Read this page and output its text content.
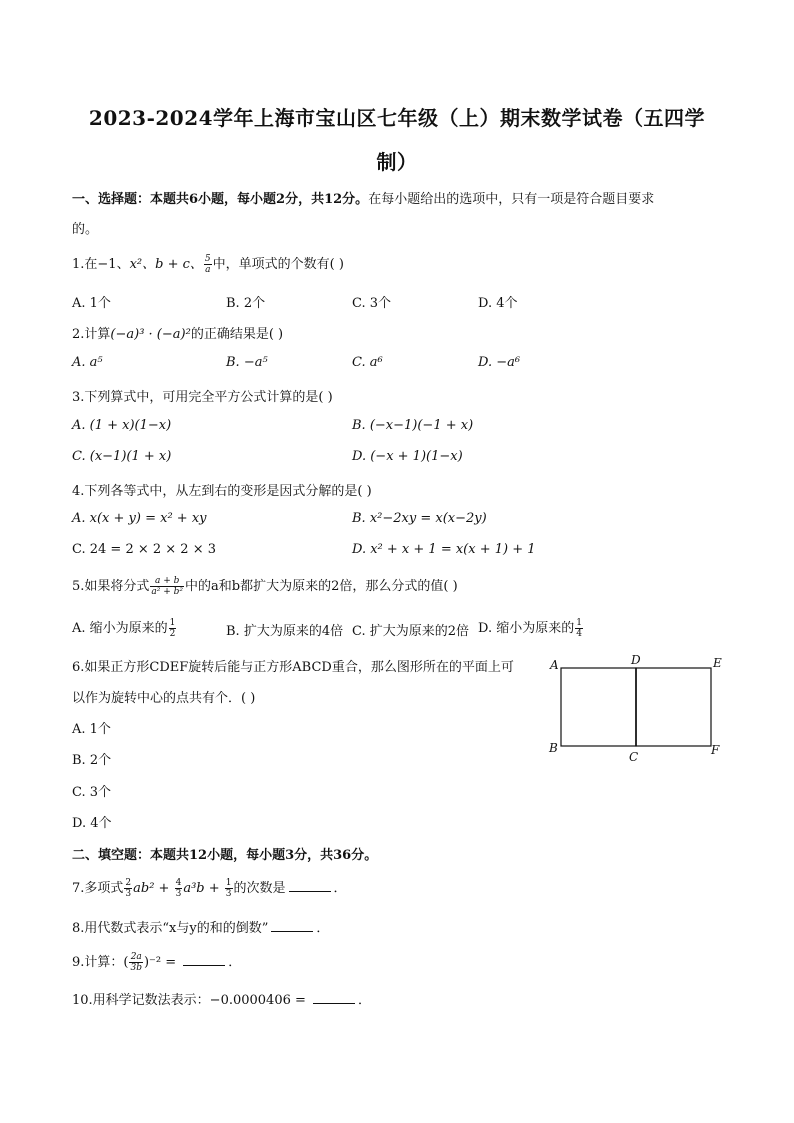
2023-2024学年上海市宝山区七年级（上）期末数学试卷（五四学
制）
一、选择题：本题共6小题，每小题2分，共12分。在每小题给出的选项中，只有一项是符合题目要求
的。
1.在−1、x²、b + c、 $\frac{5}{a}$ 中，单项式的个数有( )
A. 1个	B. 2个	C. 3个	D. 4个
2.计算(−a)³ · (−a)²的正确结果是( )
A. a⁵	B. −a⁵	C. a⁶	D. −a⁶
3.下列算式中，可用完全平方公式计算的是( )
A. (1 + x)(1−x)	B. (−x−1)(−1 + x)
C. (x−1)(1 + x)	D. (−x + 1)(1−x)
4.下列各等式中，从左到右的变形是因式分解的是( )
A. x(x + y) = x² + xy	B. x²−2xy = x(x−2y)
C. 24 = 2 × 2 × 2 × 3	D. x² + x + 1 = x(x + 1) + 1
5.如果将分式 $\frac{a + b}{\text{a² + b²}}$ 中的a和b都扩大为原来的2倍，那么分式的值( )
A. 缩小为原来的 $\frac{1}{2}$	B. 扩大为原来的4倍 C. 扩大为原来的2倍 D. 缩小为原来的 $\frac{1}{4}$
6.如果正方形CDEF旋转后能与正方形ABCD重合，那么图形所在的平面上可
以作为旋转中心的点共有个．( )
A. 1个
B. 2个
C. 3个
D. 4个
A	D	E
B
C	F
二、填空题：本题共12小题，每小题3分，共36分。
7.多项式 $\frac{2}{3} ab^2 + \frac{4}{3} a^3b + \frac{1}{3}$ 的次数是	．
8.用代数式表示“x与y的和的倒数”	．
9.计算：( $\frac{2a}{3b} )^{-2}$ =	．
10.用科学记数法表示：−0.0000406 =	．
